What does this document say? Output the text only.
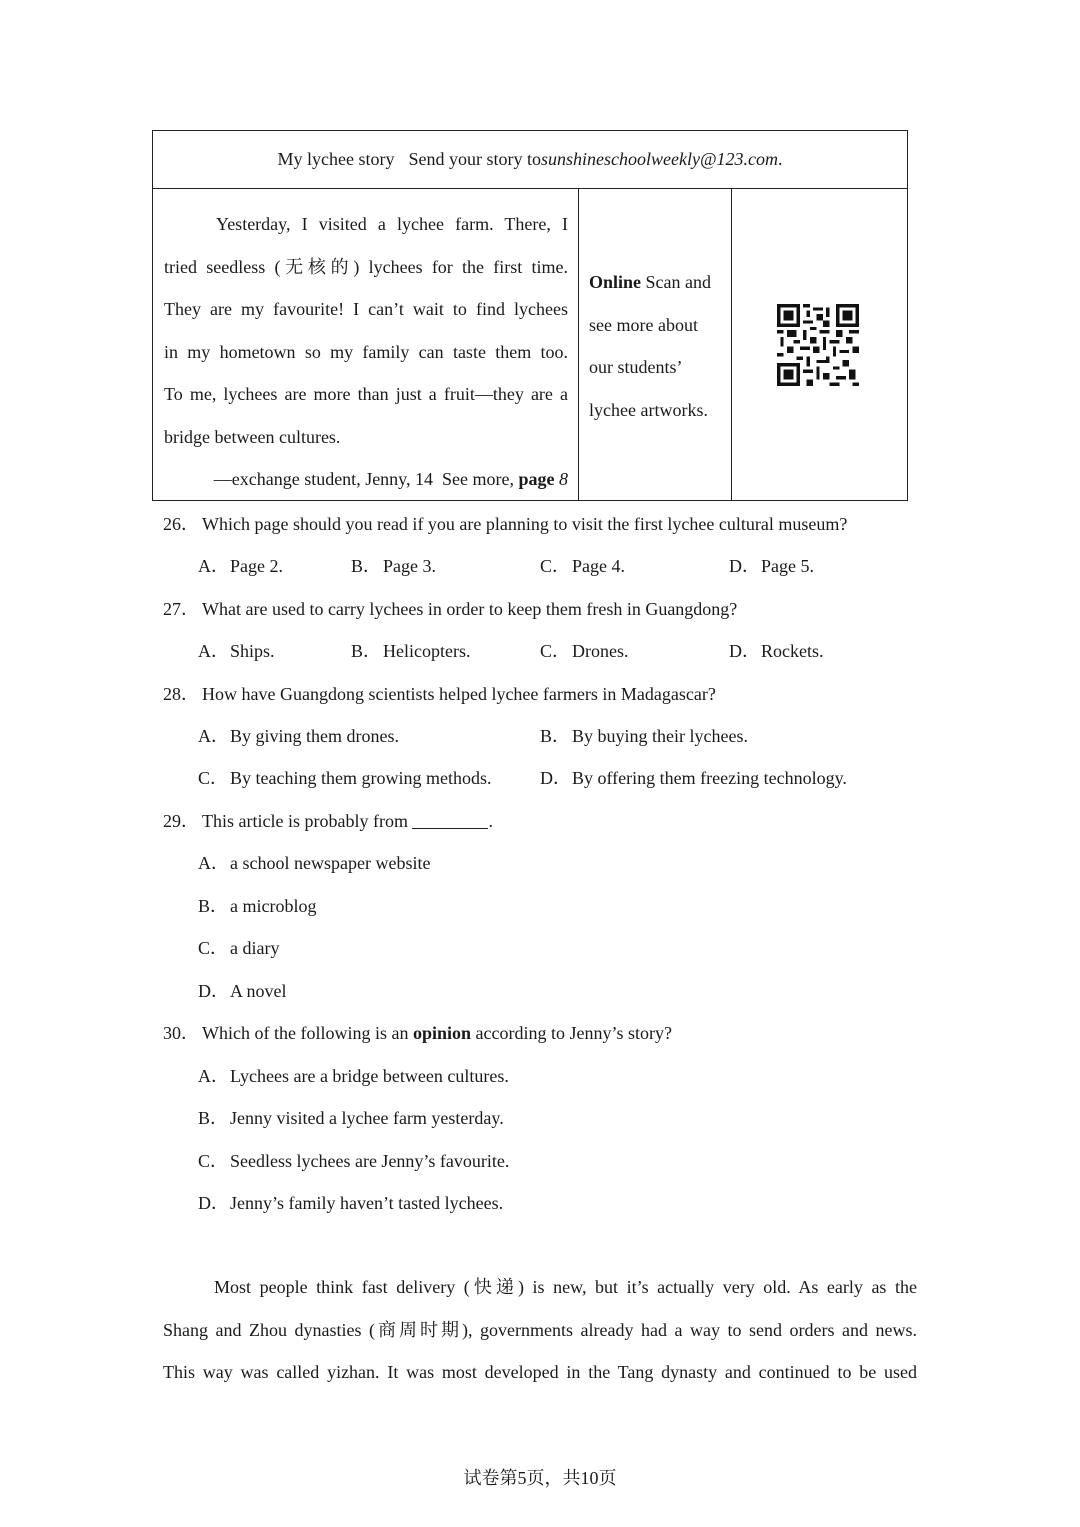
My lychee story Send your story to sunshineschoolweekly@123.com .

Yesterday, I visited a lychee farm. There, I

tried seedless (无核的) lychees for the first time.

They are my favourite! I can’t wait to find lychees

in my hometown so my family can taste them too.

To me, lychees are more than just a fruit—they are a

bridge between cultures.

—exchange student, Jenny, 14 See more, page 8

Online Scan and
see more about
our students’
lychee artworks.
26． Which page should you read if you are planning to visit the first lychee cultural museum?
A．Page 2.	B． Page 3.	C． Page 4.	D．Page 5.
27． What are used to carry lychees in order to keep them fresh in Guangdong?
A．Ships.	B． Helicopters.	C． Drones.	D．Rockets.
28． How have Guangdong scientists helped lychee farmers in Madagascar?
A．By giving them drones.	B． By buying their lychees.
C． By teaching them growing methods.	D．By offering them freezing technology.
29． This article is probably from	.
A．a school newspaper website
B． a microblog
C． a diary
D．A novel
30． Which of the following is an opinion according to Jenny’s story?
A．Lychees are a bridge between cultures.
B． Jenny visited a lychee farm yesterday.
C． Seedless lychees are Jenny’s favourite.
D．Jenny’s family haven’t tasted lychees.

Most people think fast delivery (快递) is new, but it’s actually very old. As early as the
Shang and Zhou dynasties (商周时期), governments already had a way to send orders and news.
This way was called yizhan. It was most developed in the Tang dynasty and continued to be used

试卷第5页，共10页
